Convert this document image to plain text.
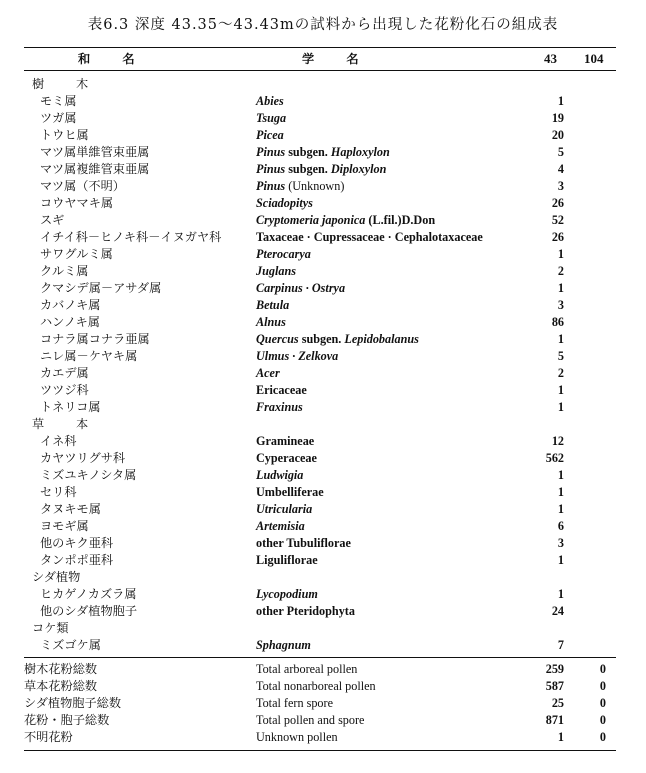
表6.3 深度 43.35～43.43mの試料から出現した花粉化石の組成表
和 名	学 名	43 104
樹 木
モミ属	Abies	1
ツガ属	Tsuga	19
トウヒ属	Picea	20
マツ属単維管束亜属	Pinus subgen. Haploxylon	5
マツ属複維管束亜属	Pinus subgen. Diploxylon	4
マツ属（不明）	Pinus (Unknown)	3
コウヤマキ属	Sciadopitys	26
スギ	Cryptomeria japonica (L.fil.)D.Don	52
イチイ科－ヒノキ科－イヌガヤ科	Taxaceae · Cupressaceae · Cephalotaxaceae	26
サワグルミ属	Pterocarya	1
クルミ属	Juglans	2
クマシデ属－アサダ属	Carpinus · Ostrya	1
カバノキ属	Betula	3
ハンノキ属	Alnus	86
コナラ属コナラ亜属	Quercus subgen. Lepidobalanus	1
ニレ属－ケヤキ属	Ulmus · Zelkova	5
カエデ属	Acer	2
ツツジ科	Ericaceae	1
トネリコ属	Fraxinus	1
草 本
イネ科	Gramineae	12
カヤツリグサ科	Cyperaceae	562
ミズユキノシタ属	Ludwigia	1
セリ科	Umbelliferae	1
タヌキモ属	Utricularia	1
ヨモギ属	Artemisia	6
他のキク亜科	other Tubuliflorae	3
タンポポ亜科	Liguliflorae	1
シダ植物
ヒカゲノカズラ属	Lycopodium	1
他のシダ植物胞子	other Pteridophyta	24
コケ類
ミズゴケ属	Sphagnum	7
樹木花粉総数	Total arboreal pollen	259	0
草本花粉総数	Total nonarboreal pollen	587	0
シダ植物胞子総数	Total fern spore	25	0
花粉・胞子総数	Total pollen and spore	871	0
不明花粉	Unknown pollen	1	0
